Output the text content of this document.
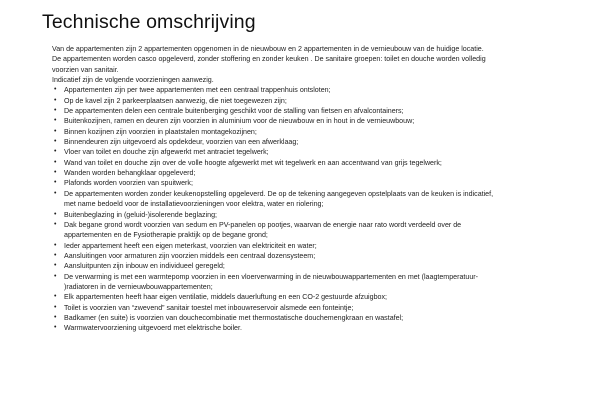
Technische omschrijving

Van de appartementen zijn 2 appartementen opgenomen in de nieuwbouw en 2 appartementen in de vernieubouw van de huidige locatie.

De appartementen worden casco opgeleverd, zonder stoffering en zonder keuken . De sanitaire groepen: toilet en douche worden volledig

voorzien van sanitair.

Indicatief zijn de volgende voorzieningen aanwezig.

• Appartementen zijn per twee appartementen met een centraal trappenhuis ontsloten;
• Op de kavel zijn 2 parkeerplaatsen aanwezig, die niet toegewezen zijn;
• De appartementen delen een centrale buitenberging geschikt voor de stalling van fietsen en afvalcontainers;
• Buitenkozijnen, ramen en deuren zijn voorzien in aluminium voor de nieuwbouw en in hout in de vernieuwbouw;
• Binnen kozijnen zijn voorzien in plaatstalen montagekozijnen;
• Binnendeuren zijn uitgevoerd als opdekdeur, voorzien van een afwerklaag;
• Vloer van toilet en douche zijn afgewerkt met antraciet tegelwerk;
• Wand van toilet en douche zijn over de volle hoogte afgewerkt met wit tegelwerk en aan accentwand van grijs tegelwerk;
• Wanden worden behangklaar opgeleverd;
• Plafonds worden voorzien van spuitwerk;
• De appartementen worden zonder keukenopstelling opgeleverd. De op de tekening aangegeven opstelplaats van de keuken is indicatief,
met name bedoeld voor de installatievoorzieningen voor elektra, water en riolering;
• Buitenbeglazing in (geluid-)isolerende beglazing;
• Dak begane grond wordt voorzien van sedum en PV-panelen op pootjes, waarvan de energie naar rato wordt verdeeld over de
appartementen en de Fysiotherapie praktijk op de begane grond;
• Ieder appartement heeft een eigen meterkast, voorzien van elektriciteit en water;
• Aansluitingen voor armaturen zijn voorzien middels een centraal dozensysteem;
• Aansluitpunten zijn inbouw en individueel geregeld;
• De verwarming is met een warmtepomp voorzien in een vloerverwarming in de nieuwbouwappartementen en met (laagtemperatuur-
)radiatoren in de vernieuwbouwappartementen;
• Elk appartementen heeft haar eigen ventilatie, middels dauerluftung en een CO-2 gestuurde afzuigbox;
• Toilet is voorzien van “zwevend” sanitair toestel met inbouwreservoir alsmede een fonteintje;
• Badkamer (en suite) is voorzien van douchecombinatie met thermostatische douchemengkraan en wastafel;
• Warmwatervoorziening uitgevoerd met elektrische boiler.
